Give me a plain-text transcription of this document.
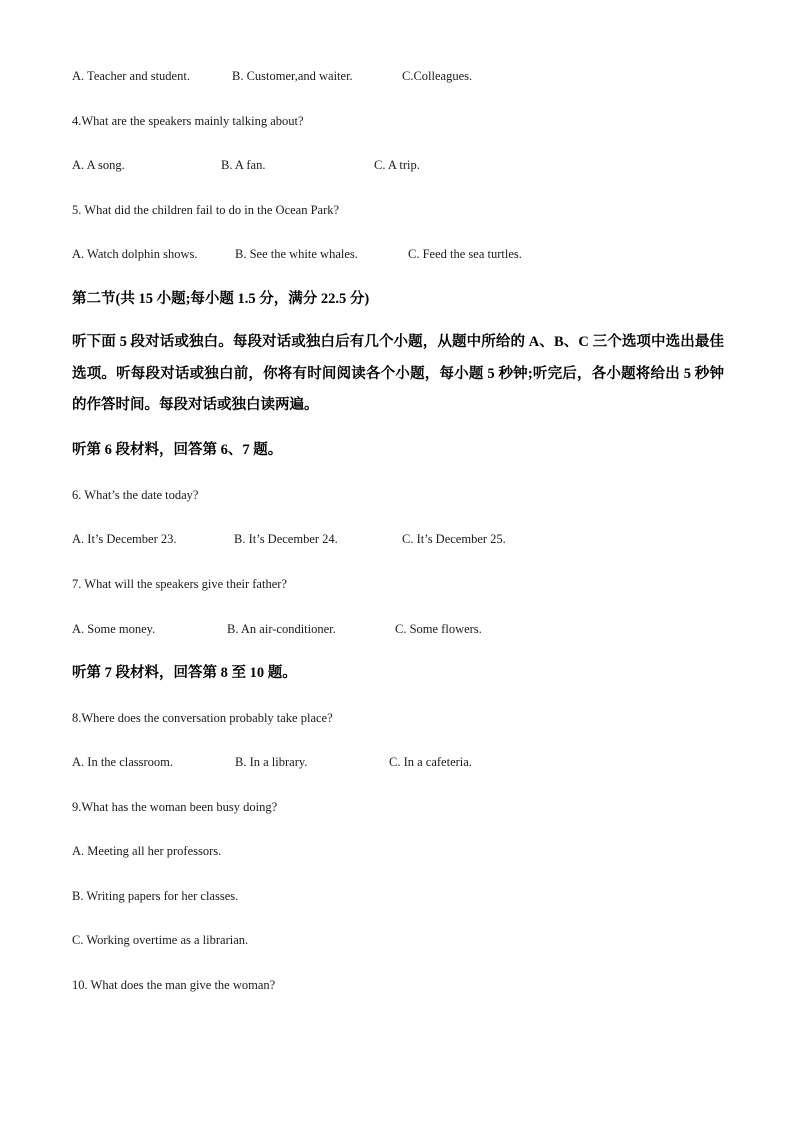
A. Teacher and student.	B. Customer,and waiter.	C.Colleagues.
4.What are the speakers mainly talking about?
A. A song.	B. A fan.	C. A trip.
5. What did the children fail to do in the Ocean Park?
A. Watch dolphin shows.	B. See the white whales.	C. Feed the sea turtles.
第二节(共 15 小题;每小题 1.5 分，满分 22.5 分)
听下面 5 段对话或独白。每段对话或独白后有几个小题，从题中所给的 A、B、C 三个选项中选出最佳选项。听每段对话或独白前，你将有时间阅读各个小题，每小题 5 秒钟;听完后，各小题将给出 5 秒钟的作答时间。每段对话或独白读两遍。
听第 6 段材料，回答第 6、7 题。
6. What’s the date today?
A. It’s December 23.	B. It’s December 24.	C. It’s December 25.
7. What will the speakers give their father?
A. Some money.	B. An air-conditioner.	C. Some flowers.
听第 7 段材料，回答第 8 至 10 题。
8.Where does the conversation probably take place?
A. In the classroom.	B. In a library.	C. In a cafeteria.
9.What has the woman been busy doing?
A. Meeting all her professors.
B. Writing papers for her classes.
C. Working overtime as a librarian.
10. What does the man give the woman?
